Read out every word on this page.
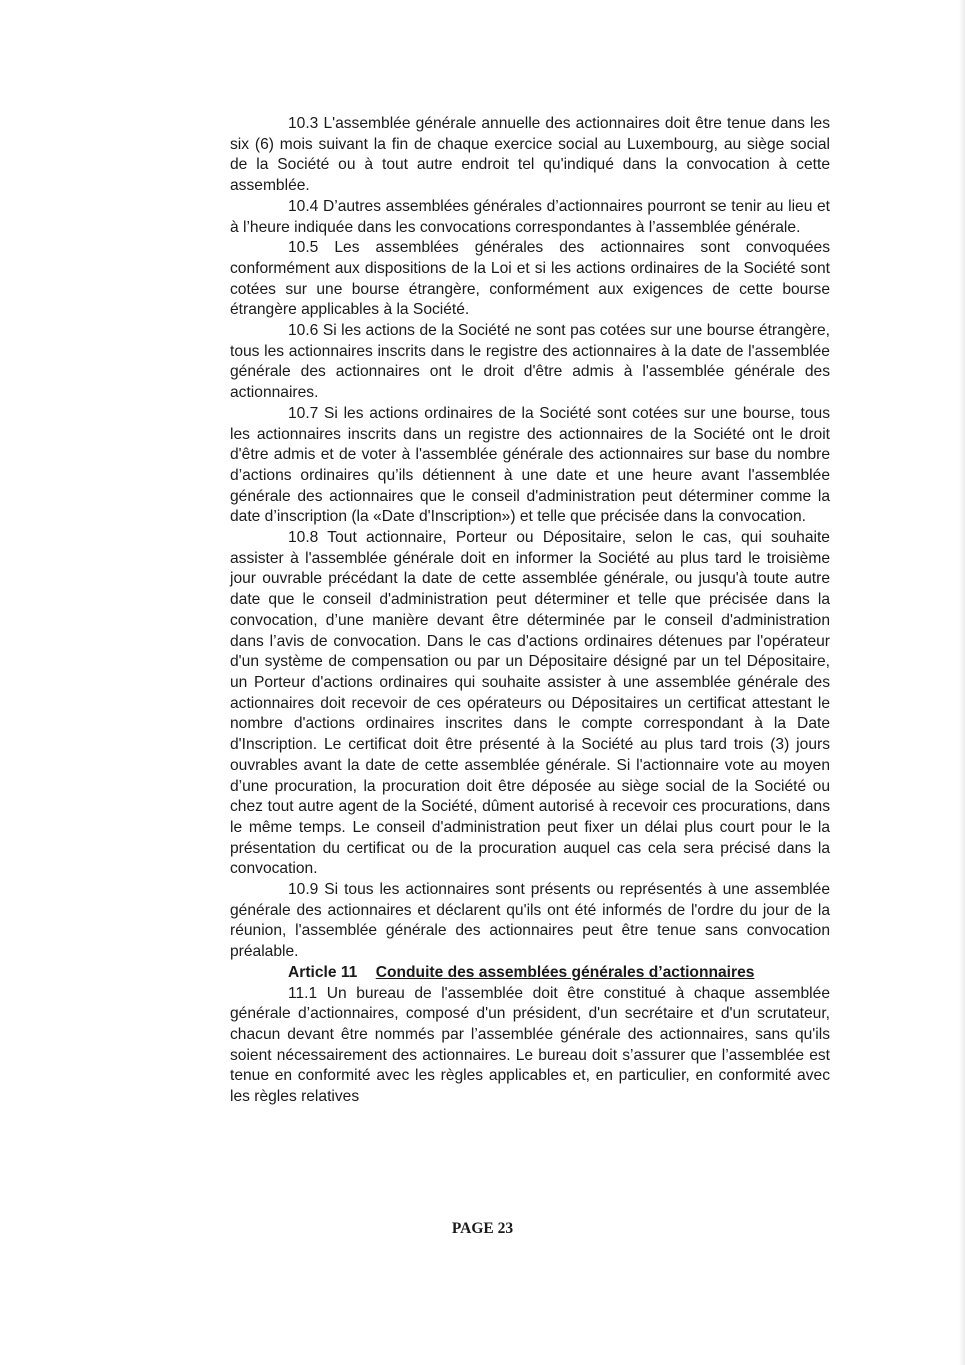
10.3 L'assemblée générale annuelle des actionnaires doit être tenue dans les six (6) mois suivant la fin de chaque exercice social au Luxembourg, au siège social de la Société ou à tout autre endroit tel qu'indiqué dans la convocation à cette assemblée.

10.4 D’autres assemblées générales d’actionnaires pourront se tenir au lieu et à l’heure indiquée dans les convocations correspondantes à l’assemblée générale.

10.5 Les assemblées générales des actionnaires sont convoquées conformément aux dispositions de la Loi et si les actions ordinaires de la Société sont cotées sur une bourse étrangère, conformément aux exigences de cette bourse étrangère applicables à la Société.

10.6 Si les actions de la Société ne sont pas cotées sur une bourse étrangère, tous les actionnaires inscrits dans le registre des actionnaires à la date de l'assemblée générale des actionnaires ont le droit d'être admis à l'assemblée générale des actionnaires.

10.7 Si les actions ordinaires de la Société sont cotées sur une bourse, tous les actionnaires inscrits dans un registre des actionnaires de la Société ont le droit d'être admis et de voter à l'assemblée générale des actionnaires sur base du nombre d’actions ordinaires qu’ils détiennent à une date et une heure avant l'assemblée générale des actionnaires que le conseil d'administration peut déterminer comme la date d’inscription (la «Date d'Inscription») et telle que précisée dans la convocation.

10.8 Tout actionnaire, Porteur ou Dépositaire, selon le cas, qui souhaite assister à l'assemblée générale doit en informer la Société au plus tard le troisième jour ouvrable précédant la date de cette assemblée générale, ou jusqu'à toute autre date que le conseil d'administration peut déterminer et telle que précisée dans la convocation, d’une manière devant être déterminée par le conseil d'administration dans l’avis de convocation. Dans le cas d'actions ordinaires détenues par l'opérateur d'un système de compensation ou par un Dépositaire désigné par un tel Dépositaire, un Porteur d'actions ordinaires qui souhaite assister à une assemblée générale des actionnaires doit recevoir de ces opérateurs ou Dépositaires un certificat attestant le nombre d'actions ordinaires inscrites dans le compte correspondant à la Date d'Inscription. Le certificat doit être présenté à la Société au plus tard trois (3) jours ouvrables avant la date de cette assemblée générale. Si l'actionnaire vote au moyen d’une procuration, la procuration doit être déposée au siège social de la Société ou chez tout autre agent de la Société, dûment autorisé à recevoir ces procurations, dans le même temps. Le conseil d'administration peut fixer un délai plus court pour le la présentation du certificat ou de la procuration auquel cas cela sera précisé dans la convocation.

10.9 Si tous les actionnaires sont présents ou représentés à une assemblée générale des actionnaires et déclarent qu'ils ont été informés de l'ordre du jour de la réunion, l'assemblée générale des actionnaires peut être tenue sans convocation préalable.

Article 11 Conduite des assemblées générales d’actionnaires

11.1 Un bureau de l'assemblée doit être constitué à chaque assemblée générale d’actionnaires, composé d'un président, d'un secrétaire et d'un scrutateur, chacun devant être nommés par l’assemblée générale des actionnaires, sans qu'ils soient nécessairement des actionnaires. Le bureau doit s’assurer que l’assemblée est tenue en conformité avec les règles applicables et, en particulier, en conformité avec les règles relatives

PAGE 23
